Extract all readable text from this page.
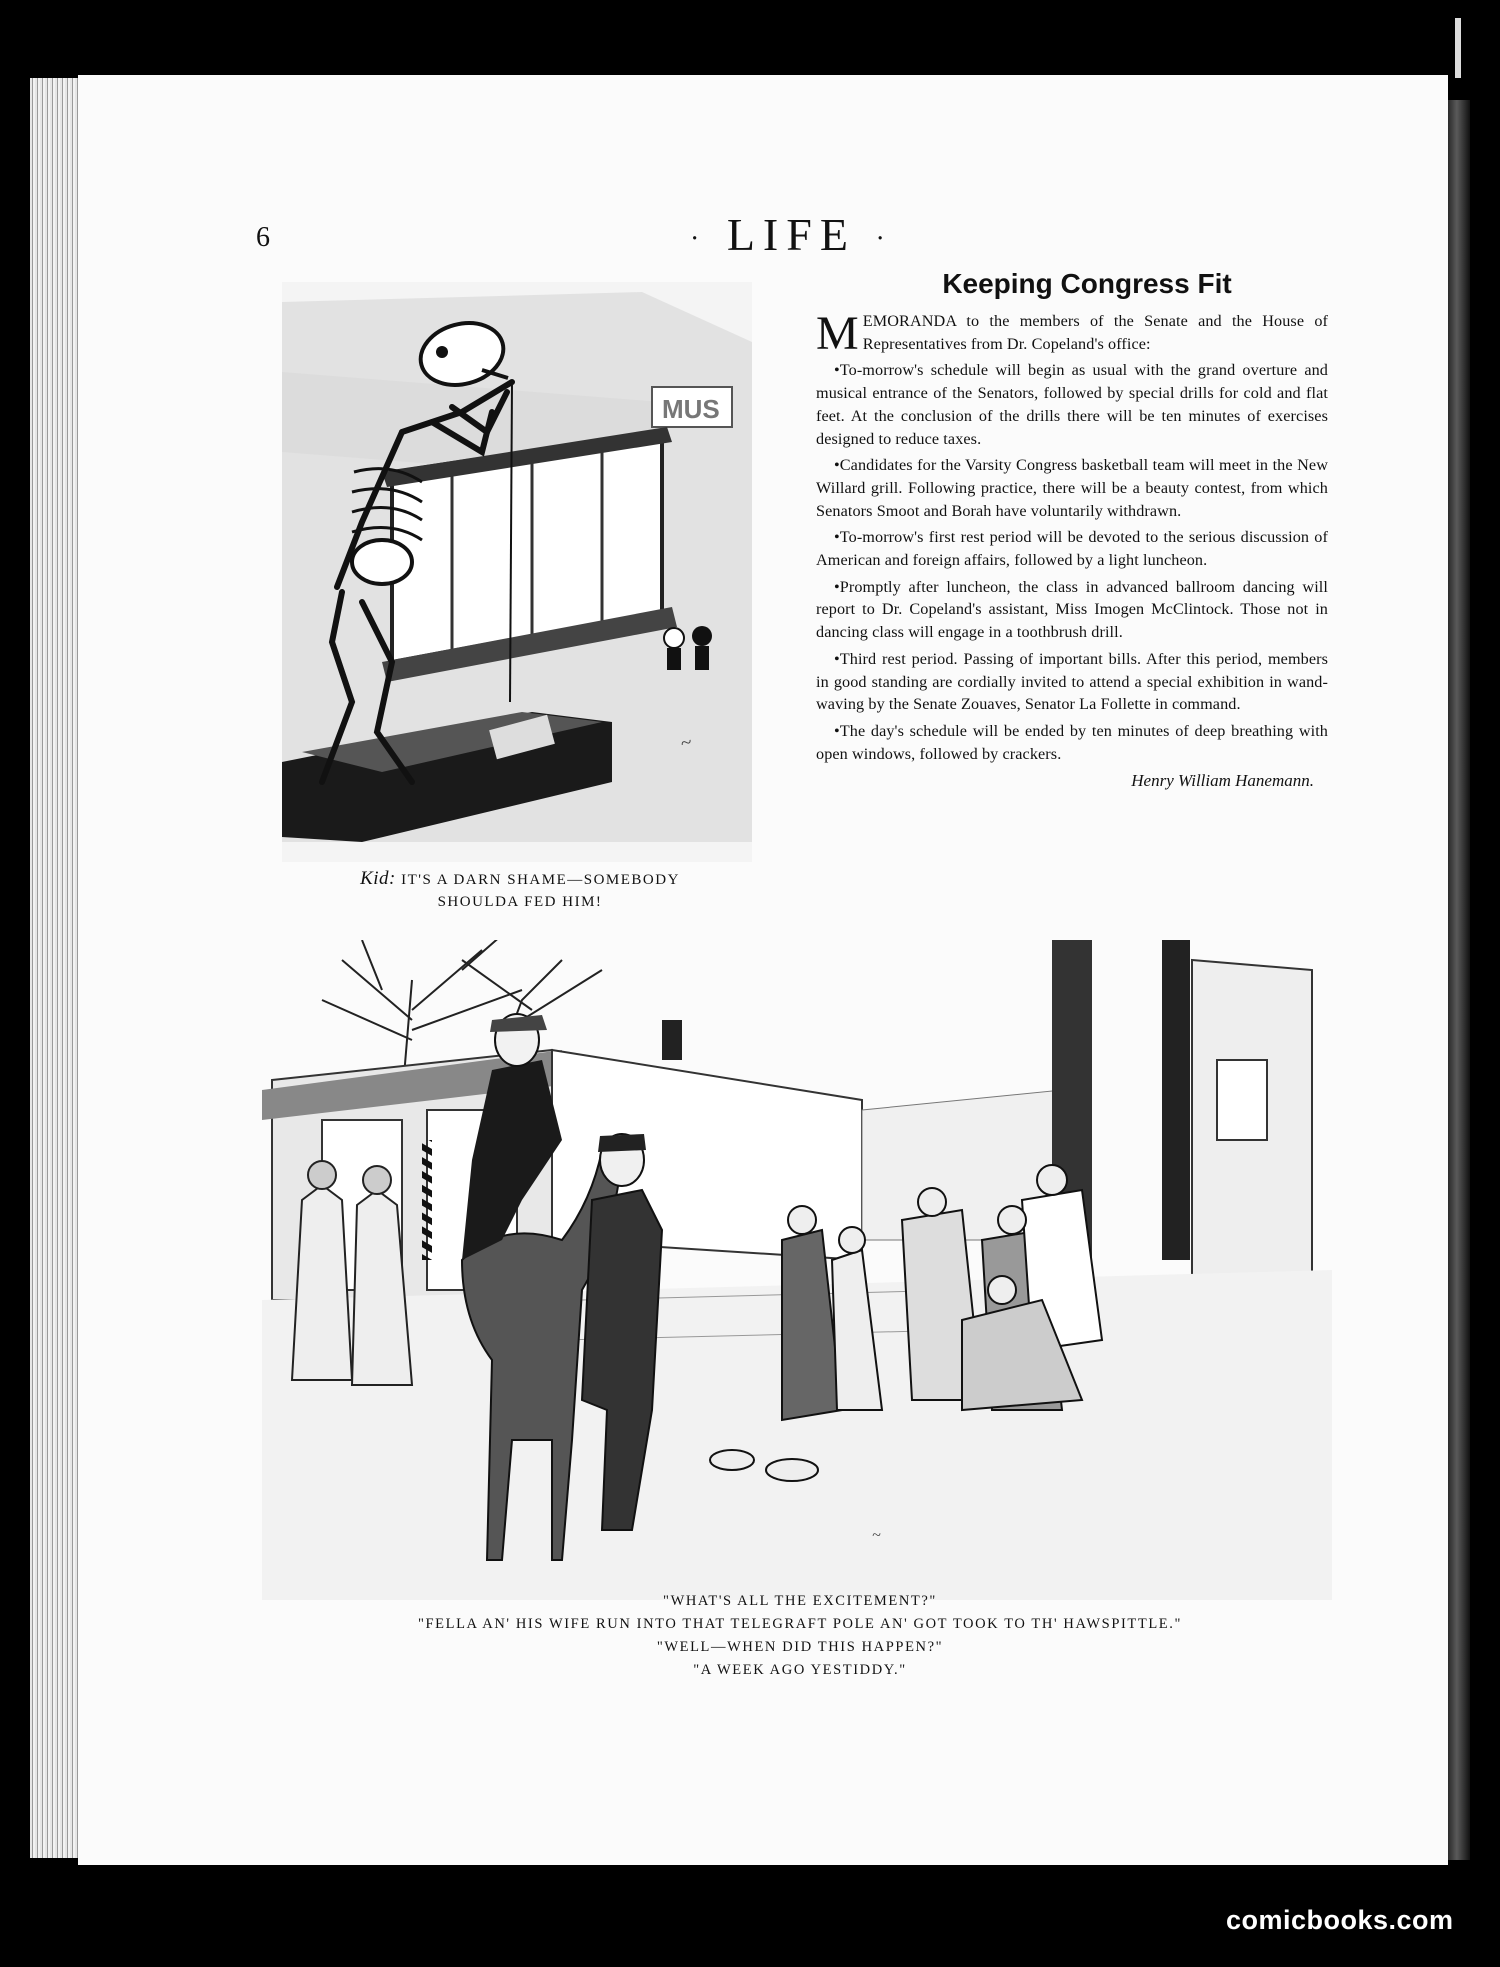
6	· LIFE ·
MUS
~
Kid: IT'S A DARN SHAME—SOMEBODY
SHOULDA FED HIM!
Keeping Congress Fit

MEMORANDA to the members of the Senate and the House of Representatives from Dr. Copeland's office:

•To-morrow's schedule will begin as usual with the grand overture and musical entrance of the Senators, followed by special drills for cold and flat feet. At the conclusion of the drills there will be ten minutes of exercises designed to reduce taxes.

•Candidates for the Varsity Congress basketball team will meet in the New Willard grill. Following practice, there will be a beauty contest, from which Senators Smoot and Borah have voluntarily withdrawn.

•To-morrow's first rest period will be devoted to the serious discussion of American and foreign affairs, followed by a light luncheon.

•Promptly after luncheon, the class in advanced ballroom dancing will report to Dr. Copeland's assistant, Miss Imogen McClintock. Those not in dancing class will engage in a toothbrush drill.

•Third rest period. Passing of important bills. After this period, members in good standing are cordially invited to attend a special exhibition in wand-waving by the Senate Zouaves, Senator La Follette in command.

•The day's schedule will be ended by ten minutes of deep breathing with open windows, followed by crackers.

Henry William Hanemann.
~
"WHAT'S ALL THE EXCITEMENT?"
"FELLA AN' HIS WIFE RUN INTO THAT TELEGRAFT POLE AN' GOT TOOK TO TH' HAWSPITTLE."
"WELL—WHEN DID THIS HAPPEN?"
"A WEEK AGO YESTIDDY."
comicbooks.com
